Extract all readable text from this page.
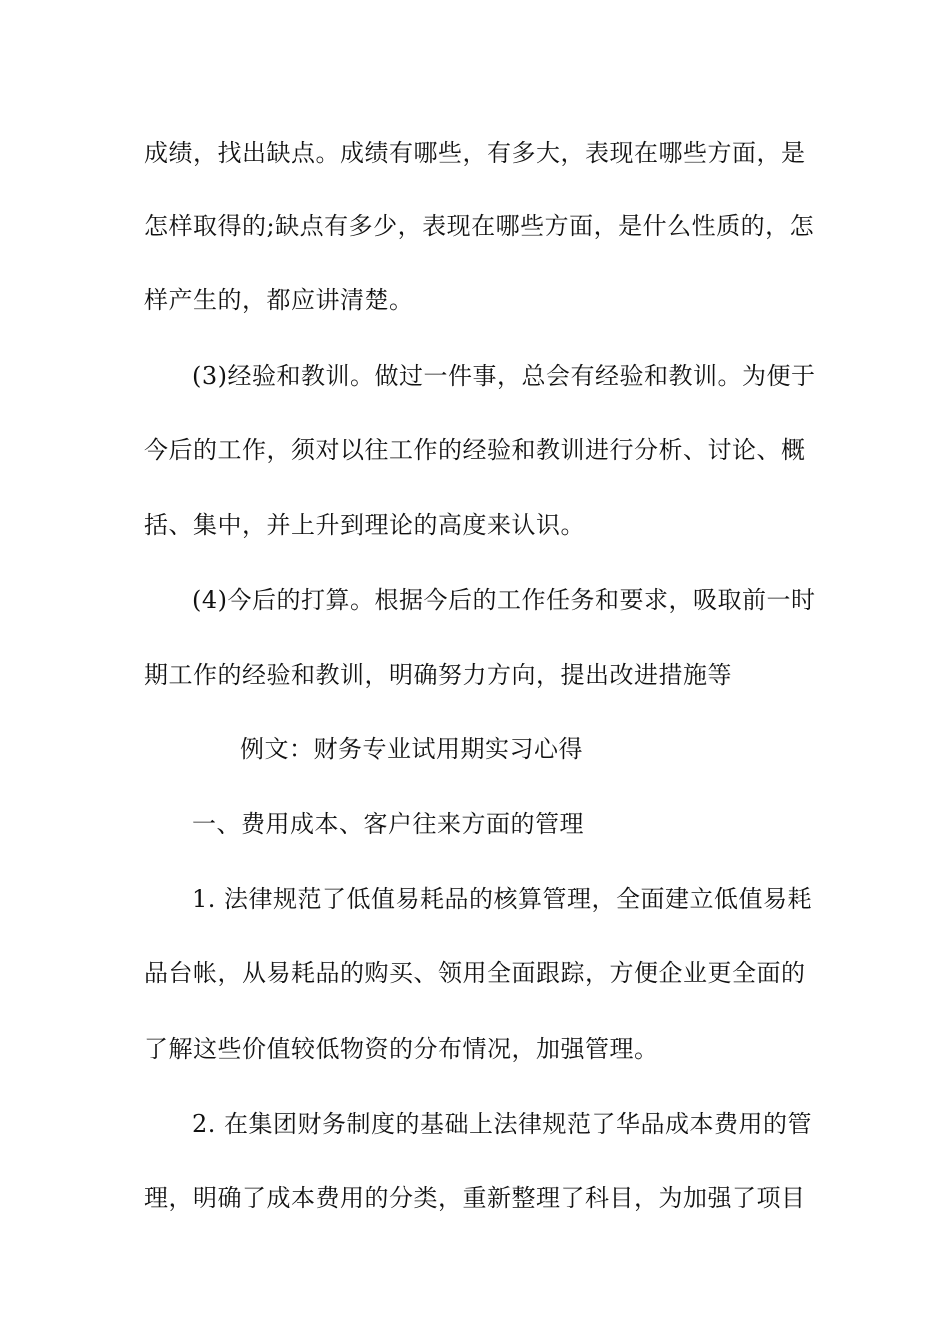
成绩，找出缺点。成绩有哪些，有多大，表现在哪些方面，是
怎样取得的;缺点有多少，表现在哪些方面，是什么性质的，怎
样产生的，都应讲清楚。
(3)经验和教训。做过一件事，总会有经验和教训。为便于
今后的工作，须对以往工作的经验和教训进行分析、讨论、概
括、集中，并上升到理论的高度来认识。
(4)今后的打算。根据今后的工作任务和要求，吸取前一时
期工作的经验和教训，明确努力方向，提出改进措施等
例文：财务专业试用期实习心得
一、费用成本、客户往来方面的管理
1. 法律规范了低值易耗品的核算管理，全面建立低值易耗
品台帐，从易耗品的购买、领用全面跟踪，方便企业更全面的
了解这些价值较低物资的分布情况，加强管理。
2. 在集团财务制度的基础上法律规范了华品成本费用的管
理，明确了成本费用的分类，重新整理了科目，为加强了项目
